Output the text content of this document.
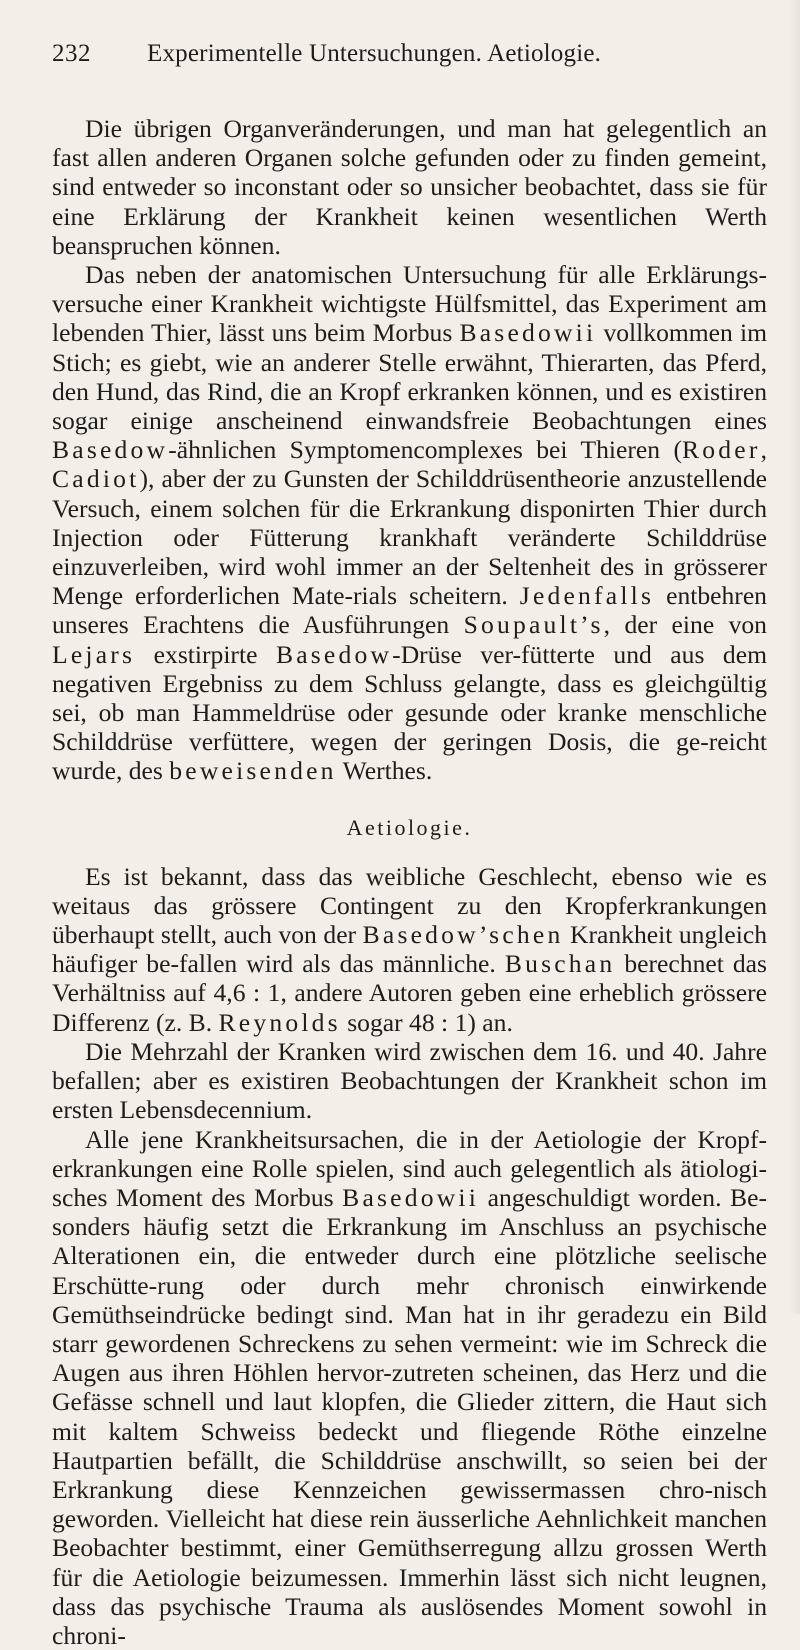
232 Experimentelle Untersuchungen. Aetiologie.

Die übrigen Organveränderungen, und man hat gelegentlich an fast allen anderen Organen solche gefunden oder zu finden gemeint, sind entweder so inconstant oder so unsicher beobachtet, dass sie für eine Erklärung der Krankheit keinen wesentlichen Werth beanspruchen können.

Das neben der anatomischen Untersuchung für alle Erklärungs-versuche einer Krankheit wichtigste Hülfsmittel, das Experiment am lebenden Thier, lässt uns beim Morbus Basedowii vollkommen im Stich; es giebt, wie an anderer Stelle erwähnt, Thierarten, das Pferd, den Hund, das Rind, die an Kropf erkranken können, und es existiren sogar einige anscheinend einwandsfreie Beobachtungen eines Basedow-ähnlichen Symptomencomplexes bei Thieren (Roder, Cadiot), aber der zu Gunsten der Schilddrüsentheorie anzustellende Versuch, einem solchen für die Erkrankung disponirten Thier durch Injection oder Fütterung krankhaft veränderte Schilddrüse einzuverleiben, wird wohl immer an der Seltenheit des in grösserer Menge erforderlichen Mate-rials scheitern. Jedenfalls entbehren unseres Erachtens die Ausführungen Soupault’s, der eine von Lejars exstirpirte Basedow-Drüse ver-fütterte und aus dem negativen Ergebniss zu dem Schluss gelangte, dass es gleichgültig sei, ob man Hammeldrüse oder gesunde oder kranke menschliche Schilddrüse verfüttere, wegen der geringen Dosis, die ge-reicht wurde, des beweisenden Werthes.

Aetiologie.

Es ist bekannt, dass das weibliche Geschlecht, ebenso wie es weitaus das grössere Contingent zu den Kropferkrankungen überhaupt stellt, auch von der Basedow’schen Krankheit ungleich häufiger be-fallen wird als das männliche. Buschan berechnet das Verhältniss auf 4,6 : 1, andere Autoren geben eine erheblich grössere Differenz (z. B. Reynolds sogar 48 : 1) an.

Die Mehrzahl der Kranken wird zwischen dem 16. und 40. Jahre befallen; aber es existiren Beobachtungen der Krankheit schon im ersten Lebensdecennium.

Alle jene Krankheitsursachen, die in der Aetiologie der Kropf-erkrankungen eine Rolle spielen, sind auch gelegentlich als ätiologi-sches Moment des Morbus Basedowii angeschuldigt worden. Be-sonders häufig setzt die Erkrankung im Anschluss an psychische Alterationen ein, die entweder durch eine plötzliche seelische Erschütte-rung oder durch mehr chronisch einwirkende Gemüthseindrücke bedingt sind. Man hat in ihr geradezu ein Bild starr gewordenen Schreckens zu sehen vermeint: wie im Schreck die Augen aus ihren Höhlen hervor-zutreten scheinen, das Herz und die Gefässe schnell und laut klopfen, die Glieder zittern, die Haut sich mit kaltem Schweiss bedeckt und fliegende Röthe einzelne Hautpartien befällt, die Schilddrüse anschwillt, so seien bei der Erkrankung diese Kennzeichen gewissermassen chro-nisch geworden. Vielleicht hat diese rein äusserliche Aehnlichkeit manchen Beobachter bestimmt, einer Gemüthserregung allzu grossen Werth für die Aetiologie beizumessen. Immerhin lässt sich nicht leugnen, dass das psychische Trauma als auslösendes Moment sowohl in chroni-
